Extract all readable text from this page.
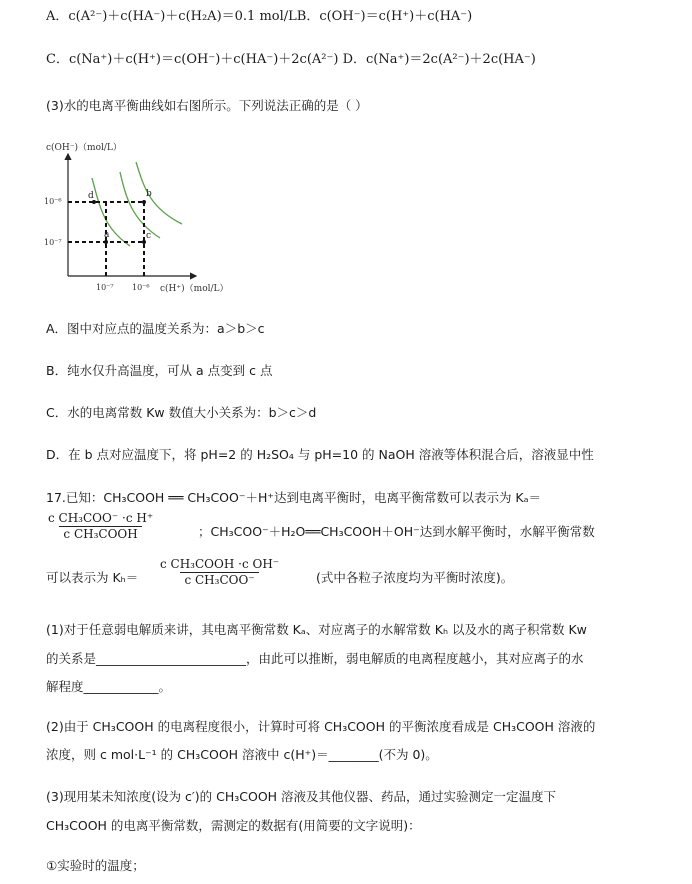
A．c(A²⁻)＋c(HA⁻)＋c(H₂A)＝0.1 mol/LB．c(OH⁻)＝c(H⁺)＋c(HA⁻)
C．c(Na⁺)＋c(H⁺)＝c(OH⁻)＋c(HA⁻)＋2c(A²⁻) D．c(Na⁺)＝2c(A²⁻)＋2c(HA⁻)
(3)水的电离平衡曲线如右图所示。下列说法正确的是（ ）
c(OH⁻)（mol/L）
c(H⁺)（mol/L）
10⁻⁶
10⁻⁷
10⁻⁷ 10⁻⁶
d	b
a	c
A．图中对应点的温度关系为：a＞b＞c
B．纯水仅升高温度，可从 a 点变到 c 点
C．水的电离常数 Kw 数值大小关系为：b＞c＞d
D．在 b 点对应温度下，将 pH=2 的 H₂SO₄ 与 pH=10 的 NaOH 溶液等体积混合后，溶液显中性
17.已知：CH₃COOH ══ CH₃COO⁻＋H⁺达到电离平衡时，电离平衡常数可以表示为 Kₐ＝
c CH₃COO⁻ ·c H⁺
c CH₃COOH	；CH₃COO⁻＋H₂O══CH₃COOH＋OH⁻达到水解平衡时，水解平衡常数
可以表示为 Kₕ＝
c CH₃COOH ·c OH⁻
c CH₃COO⁻	(式中各粒子浓度均为平衡时浓度)。
(1)对于任意弱电解质来讲，其电离平衡常数 Kₐ、对应离子的水解常数 Kₕ 以及水的离子积常数 Kw
的关系是________________________，由此可以推断，弱电解质的电离程度越小，其对应离子的水
解程度____________。
(2)由于 CH₃COOH 的电离程度很小，计算时可将 CH₃COOH 的平衡浓度看成是 CH₃COOH 溶液的
浓度，则 c mol·L⁻¹ 的 CH₃COOH 溶液中 c(H⁺)＝________(不为 0)。
(3)现用某未知浓度(设为 c′)的 CH₃COOH 溶液及其他仪器、药品，通过实验测定一定温度下
CH₃COOH 的电离平衡常数，需测定的数据有(用简要的文字说明)：
①实验时的温度；
